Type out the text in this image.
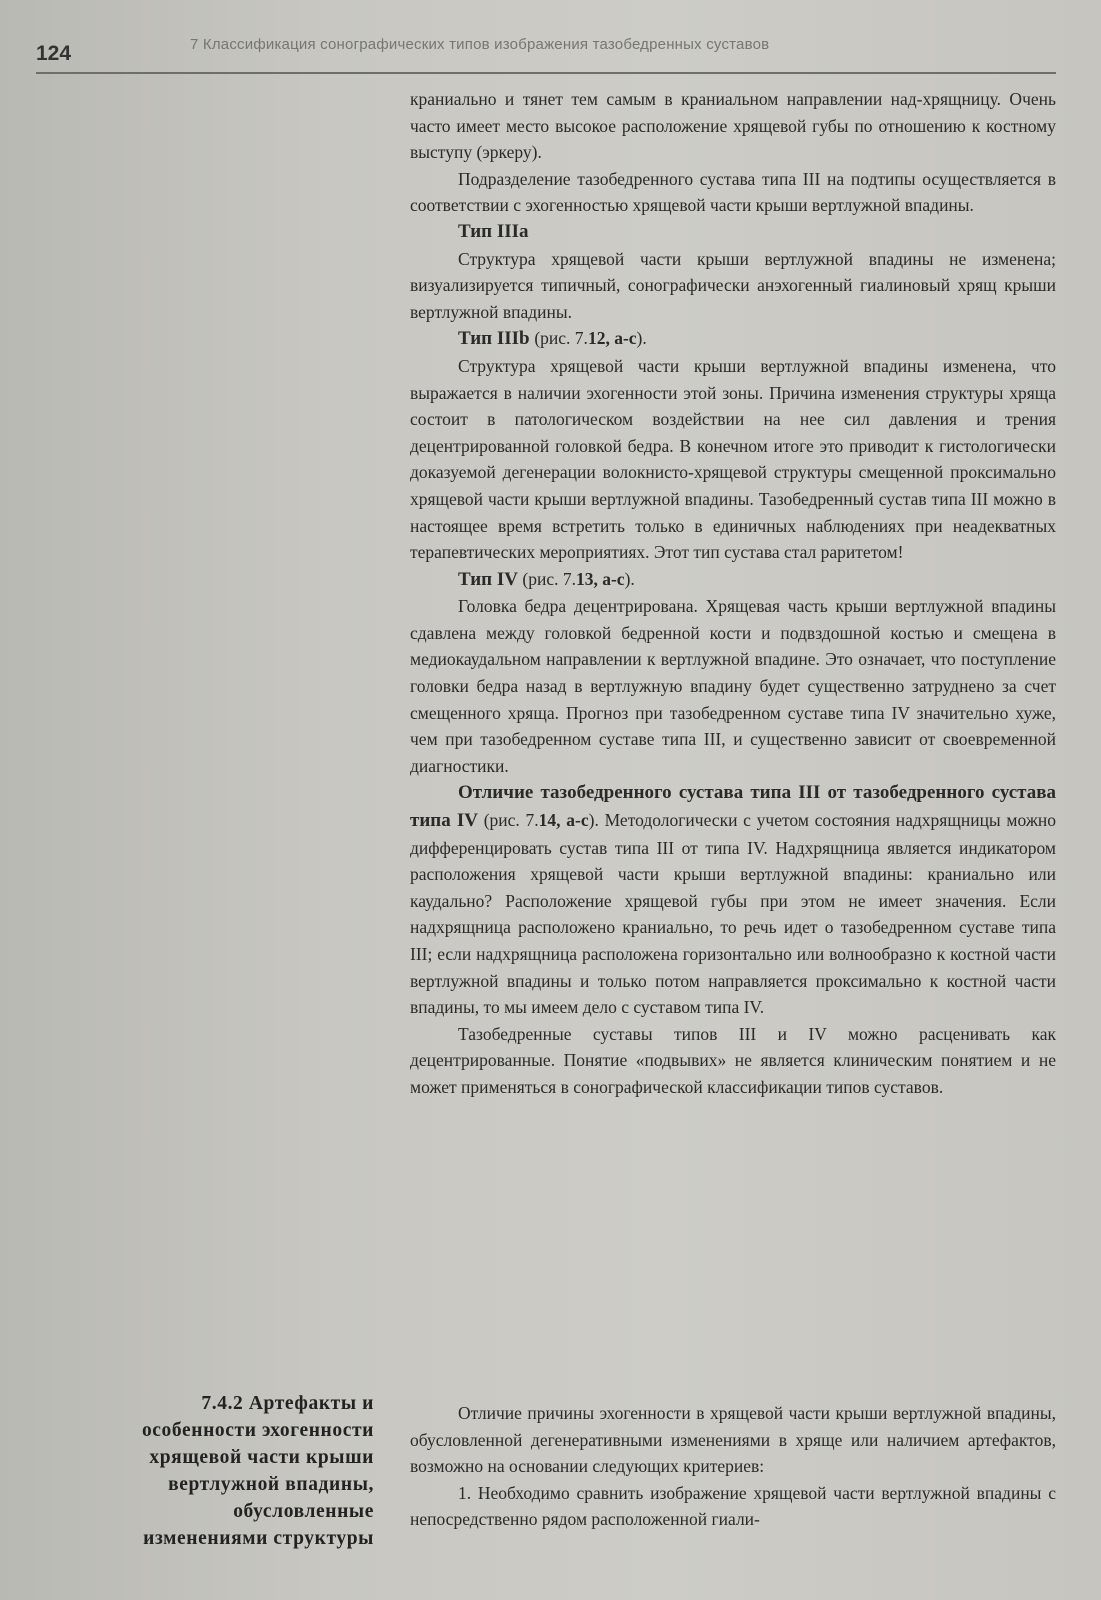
124	7 Классификация сонографических типов изображения тазобедренных суставов
7.4.2 Артефакты и особенности эхогенности хрящевой части крыши вертлужной впадины, обусловленные изменениями структуры

краниально и тянет тем самым в краниальном направлении над-хрящницу. Очень часто имеет место высокое расположение хрящевой губы по отношению к костному выступу (эркеру).

Подразделение тазобедренного сустава типа III на подтипы осуществляется в соответствии с эхогенностью хрящевой части крыши вертлужной впадины.

Тип IIIa

Структура хрящевой части крыши вертлужной впадины не изменена; визуализируется типичный, сонографически анэхогенный гиалиновый хрящ крыши вертлужной впадины.

Тип IIIb (рис. 7.12, a-c).

Структура хрящевой части крыши вертлужной впадины изменена, что выражается в наличии эхогенности этой зоны. Причина изменения структуры хряща состоит в патологическом воздействии на нее сил давления и трения децентрированной головкой бедра. В конечном итоге это приводит к гистологически доказуемой дегенерации волокнисто-хрящевой структуры смещенной проксимально хрящевой части крыши вертлужной впадины. Тазобедренный сустав типа III можно в настоящее время встретить только в единичных наблюдениях при неадекватных терапевтических мероприятиях. Этот тип сустава стал раритетом!

Тип IV (рис. 7.13, a-c).

Головка бедра децентрирована. Хрящевая часть крыши вертлужной впадины сдавлена между головкой бедренной кости и подвздошной костью и смещена в медиокаудальном направлении к вертлужной впадине. Это означает, что поступление головки бедра назад в вертлужную впадину будет существенно затруднено за счет смещенного хряща. Прогноз при тазобедренном суставе типа IV значительно хуже, чем при тазобедренном суставе типа III, и существенно зависит от своевременной диагностики.

Отличие тазобедренного сустава типа III от тазобедренного сустава типа IV (рис. 7.14, a-c). Методологически с учетом состояния надхрящницы можно дифференцировать сустав типа III от типа IV. Надхрящница является индикатором расположения хрящевой части крыши вертлужной впадины: краниально или каудально? Расположение хрящевой губы при этом не имеет значения. Если надхрящница расположено краниально, то речь идет о тазобедренном суставе типа III; если надхрящница расположена горизонтально или волнообразно к костной части вертлужной впадины и только потом направляется проксимально к костной части впадины, то мы имеем дело с суставом типа IV.

Тазобедренные суставы типов III и IV можно расценивать как децентрированные. Понятие «подвывих» не является клиническим понятием и не может применяться в сонографической классификации типов суставов.

Отличие причины эхогенности в хрящевой части крыши вертлужной впадины, обусловленной дегенеративными изменениями в хряще или наличием артефактов, возможно на основании следующих критериев:

1. Необходимо сравнить изображение хрящевой части вертлужной впадины с непосредственно рядом расположенной гиали-
